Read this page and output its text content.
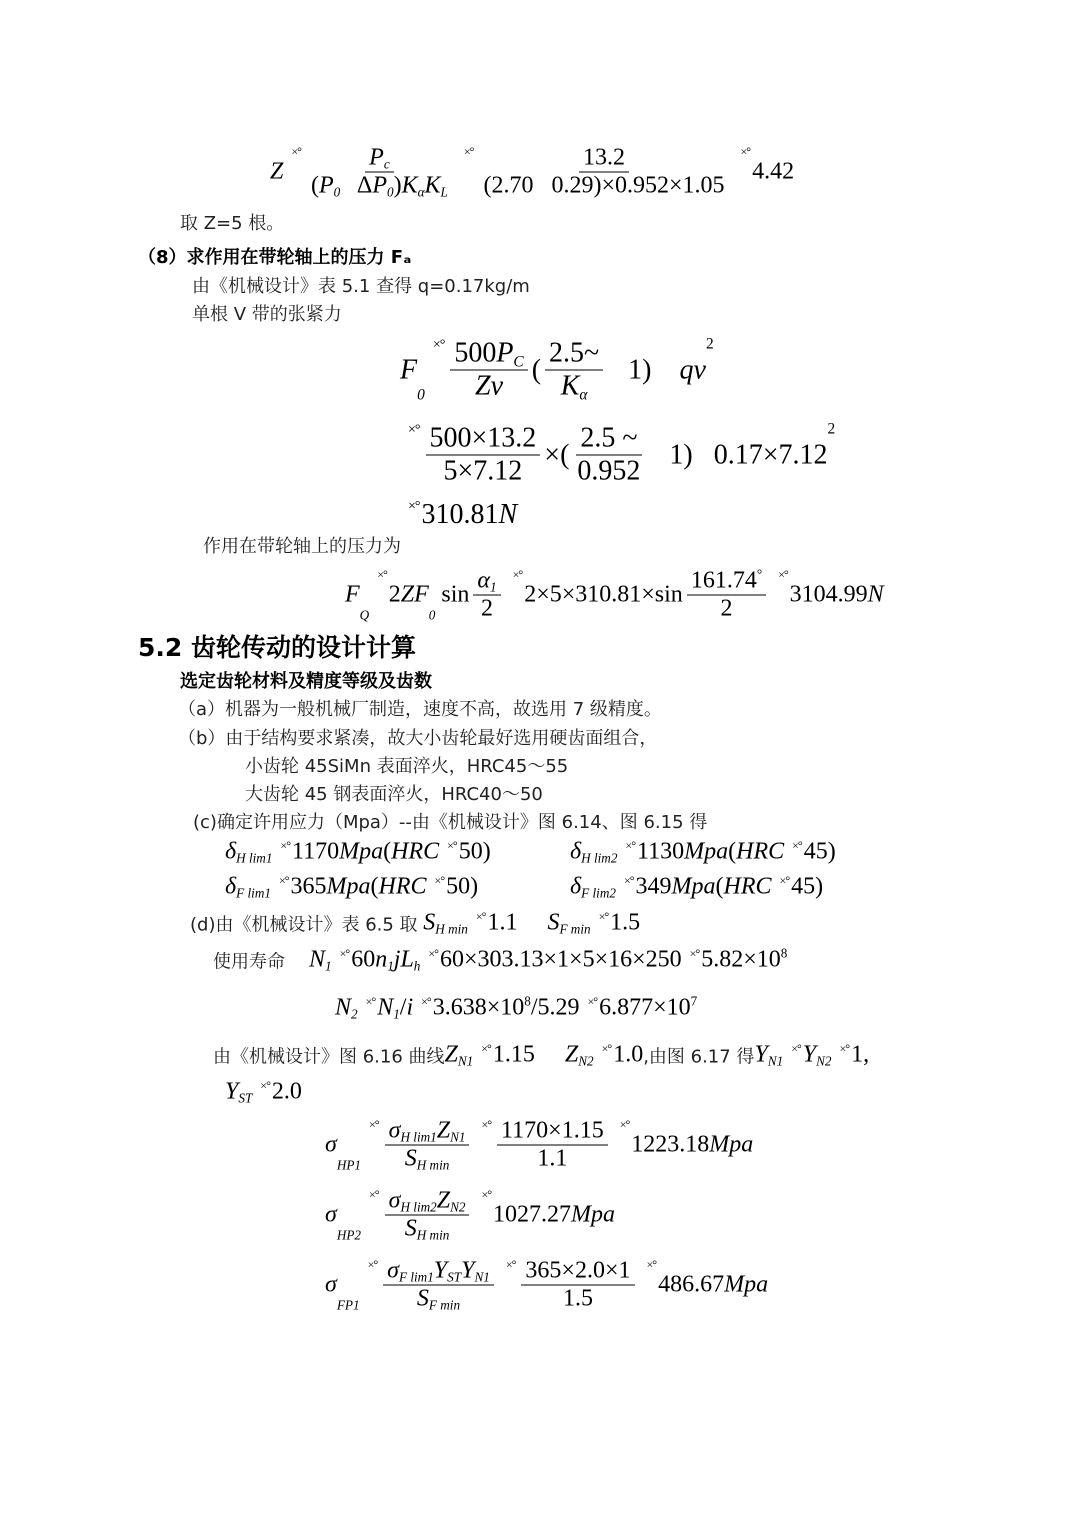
Z
×° $\frac{\text{P c}}{\text{( P 0 Δ P 0 ) K α K L}}$ ×° $\frac{13.2}{(2.70 0.29)\times 0.952\times 1.05}$ ×°
4.42
取 Z=5 根。
（8）求作用在带轮轴上的压力 Fₐ
由《机械设计》表 5.1 查得 q=0.17kg/m
单根 V 带的张紧力
F
0
×° $\frac{\text{500 P C}}{Zv}$ ( $\frac{2.5\sim}{\text{K α}} 1$) qv
2
×° $\frac{500\times 13.2}{5\times 7.12}$ ×( $\frac{2.5 \sim}{0.952} 1$)   0.17×7.12
2
×° 310.81 N
作用在带轮轴上的压力为
F
Q
×°
2 ZF
0
$\sin \frac{\alpha 1}{2}$ ×°
$2\times 5\times 310.81\times\sin \frac{161.74 ^\circ}{2}$ ×°
3104.99 N
5.2 齿轮传动的设计计算
选定齿轮材料及精度等级及齿数
（a）机器为一般机械厂制造，速度不高，故选用 7 级精度。
（b）由于结构要求紧凑，故大小齿轮最好选用硬齿面组合，
小齿轮 45SiMn 表面淬火，HRC45～55
大齿轮 45 钢表面淬火，HRC40～50
(c)确定许用应力（Mpa）--由《机械设计》图 6.14、图 6.15 得
δ H lim1
×° 1170 Mpa ( HRC ×° 50)	δ H lim2
×° 1130 Mpa ( HRC ×° 45)
δ F lim1
×° 365 Mpa ( HRC ×° 50)	δ F lim2
×° 349 Mpa ( HRC ×° 45)
(d)由《机械设计》表 6.5 取 S H min
×° 1.1 S F min
×° 1.5
使用寿命
N 1
×° 60 n 1 jL h
×° 60×303.13×1×5×16×250 ×° 5.82×10 8
N 2
×° N 1 / i ×° 3.638×10 8 /5.29 ×° 6.877×10 7
由《机械设计》图 6.16 曲线 Z N1
×° 1.15 Z N2
×° 1.0 ,由图 6.17 得 Y N1
×° Y N2
×° 1,
Y ST
×° 2.0
σ
HP1
×° $\frac{\text{σ H lim1 Z N1}}{\text{S H min}}$ ×° $\frac{1170\times 1.15}{1.1}$ ×°
1223.18 Mpa
σ
HP2
×° $\frac{\text{σ H lim2 Z N2}}{\text{S H min}}$ ×°
1027.27 Mpa
σ
FP1
×° $\frac{\text{σ F lim1 Y ST Y N1}}{\text{S F min}}$ ×° $\frac{365\times 2.0\times 1}{1.5}$ ×°
486.67 Mpa
